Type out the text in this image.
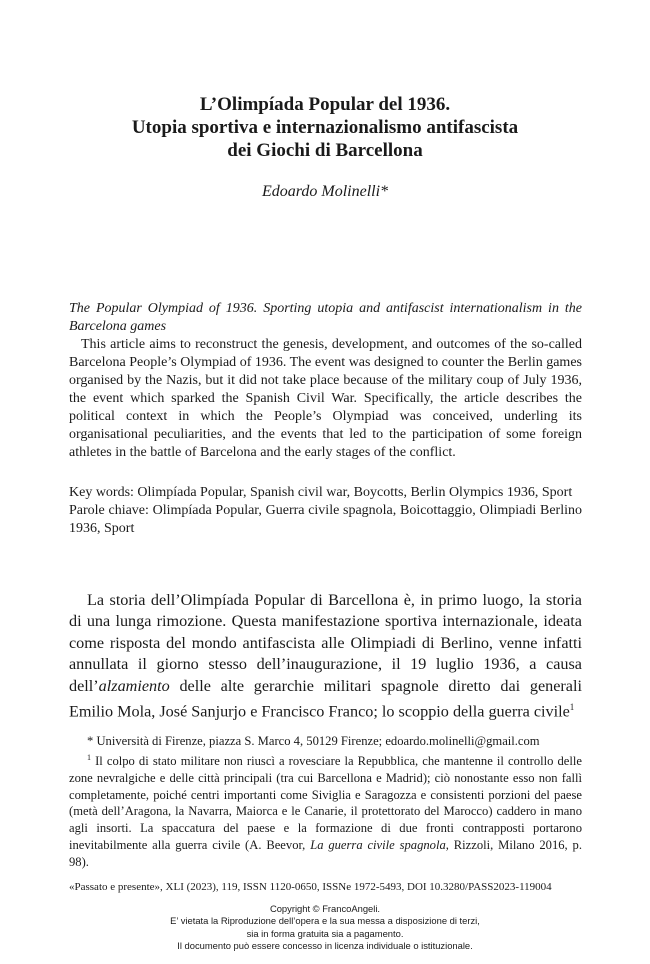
L’Olimpíada Popular del 1936.
Utopia sportiva e internazionalismo antifascista
dei Giochi di Barcellona
Edoardo Molinelli*
The Popular Olympiad of 1936. Sporting utopia and antifascist internationalism in the Barcelona games
This article aims to reconstruct the genesis, development, and outcomes of the so-called Barcelona People’s Olympiad of 1936. The event was designed to counter the Berlin games organised by the Nazis, but it did not take place because of the military coup of July 1936, the event which sparked the Spanish Civil War. Specifically, the article describes the political context in which the People’s Olympiad was conceived, underling its organisational peculiarities, and the events that led to the participation of some foreign athletes in the battle of Barcelona and the early stages of the conflict.
Key words: Olimpíada Popular, Spanish civil war, Boycotts, Berlin Olympics 1936, Sport
Parole chiave: Olimpíada Popular, Guerra civile spagnola, Boicottaggio, Olimpiadi Berlino 1936, Sport
La storia dell’Olimpíada Popular di Barcellona è, in primo luogo, la storia di una lunga rimozione. Questa manifestazione sportiva internazionale, ideata come risposta del mondo antifascista alle Olimpiadi di Berlino, venne infatti annullata il giorno stesso dell’inaugurazione, il 19 luglio 1936, a causa dell’alzamiento delle alte gerarchie militari spagnole diretto dai generali Emilio Mola, José Sanjurjo e Francisco Franco; lo scoppio della guerra civile$^1$
* Università di Firenze, piazza S. Marco 4, 50129 Firenze; edoardo.molinelli@gmail.com
$^1$ Il colpo di stato militare non riuscì a rovesciare la Repubblica, che mantenne il controllo delle zone nevralgiche e delle città principali (tra cui Barcellona e Madrid); ciò nonostante esso non fallì completamente, poiché centri importanti come Siviglia e Saragozza e consistenti porzioni del paese (metà dell’Aragona, la Navarra, Maiorca e le Canarie, il protettorato del Marocco) caddero in mano agli insorti. La spaccatura del paese e la formazione di due fronti contrapposti portarono inevitabilmente alla guerra civile (A. Beevor, La guerra civile spagnola, Rizzoli, Milano 2016, p. 98).
«Passato e presente», XLI (2023), 119, ISSN 1120-0650, ISSNe 1972-5493, DOI 10.3280/PASS2023-119004
Copyright © FrancoAngeli.
E’ vietata la Riproduzione dell’opera e la sua messa a disposizione di terzi,
sia in forma gratuita sia a pagamento.
Il documento può essere concesso in licenza individuale o istituzionale.
